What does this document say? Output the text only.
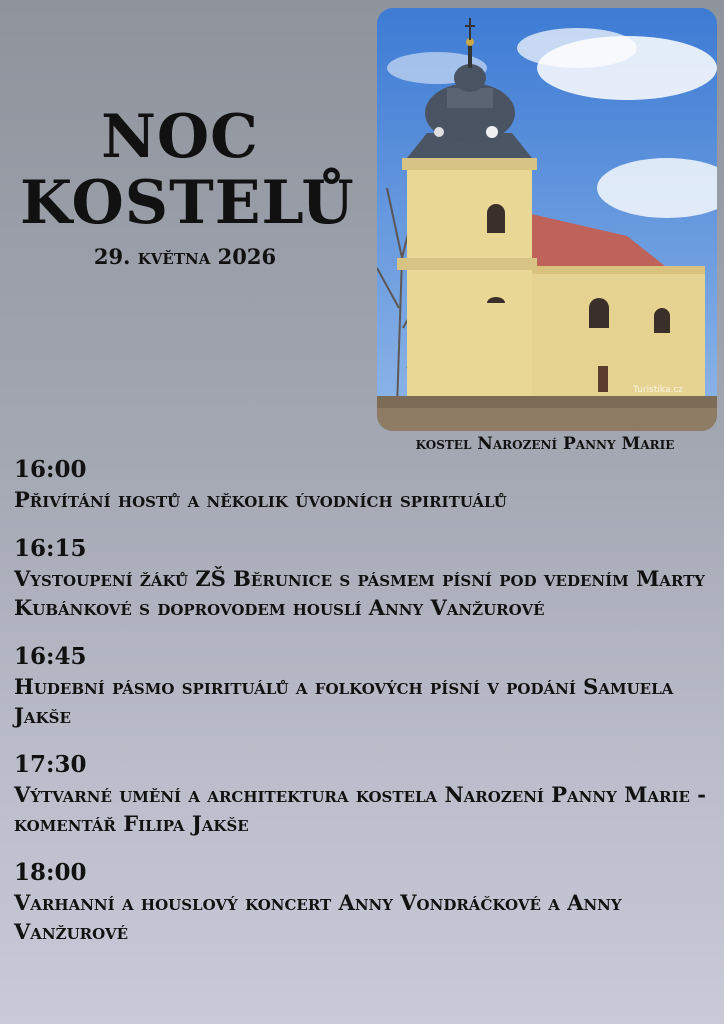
NOC
KOSTELŮ
29. května 2026
Turistika.cz
kostel Narození Panny Marie
16:00
Přivítání hostů a několik úvodních spirituálů
16:15
Vystoupení žáků ZŠ Běrunice s pásmem písní pod vedením Marty Kubánkové s doprovodem houslí Anny Vanžurové
16:45
Hudební pásmo spirituálů a folkových písní v podání Samuela Jakše
17:30
Výtvarné umění a architektura kostela Narození Panny Marie - komentář Filipa Jakše
18:00
Varhanní a houslový koncert Anny Vondráčkové a Anny Vanžurové
